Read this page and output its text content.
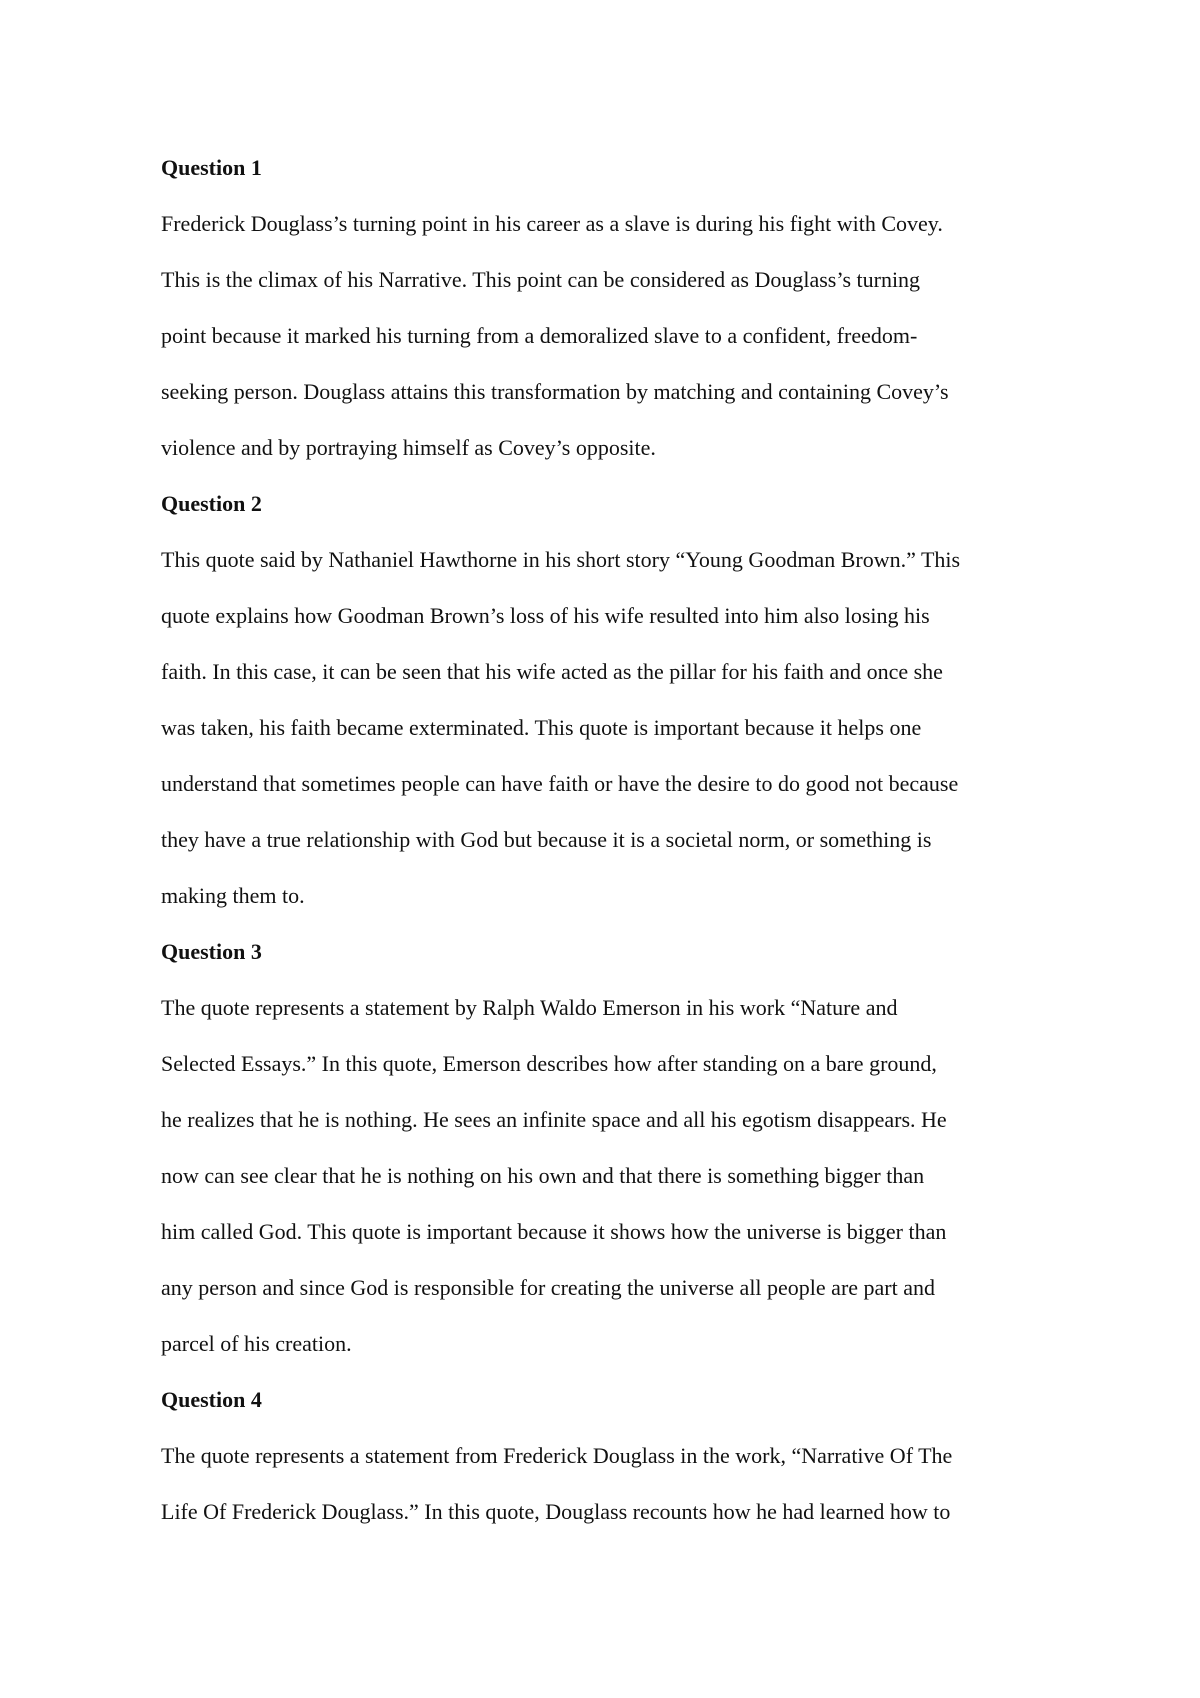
Question 1

Frederick Douglass’s turning point in his career as a slave is during his fight with Covey.

This is the climax of his Narrative. This point can be considered as Douglass’s turning

point because it marked his turning from a demoralized slave to a confident, freedom-

seeking person. Douglass attains this transformation by matching and containing Covey’s

violence and by portraying himself as Covey’s opposite.

Question 2

This quote said by Nathaniel Hawthorne in his short story “Young Goodman Brown.” This

quote explains how Goodman Brown’s loss of his wife resulted into him also losing his

faith. In this case, it can be seen that his wife acted as the pillar for his faith and once she

was taken, his faith became exterminated. This quote is important because it helps one

understand that sometimes people can have faith or have the desire to do good not because

they have a true relationship with God but because it is a societal norm, or something is

making them to.

Question 3

The quote represents a statement by Ralph Waldo Emerson in his work “Nature and

Selected Essays.” In this quote, Emerson describes how after standing on a bare ground,

he realizes that he is nothing. He sees an infinite space and all his egotism disappears. He

now can see clear that he is nothing on his own and that there is something bigger than

him called God. This quote is important because it shows how the universe is bigger than

any person and since God is responsible for creating the universe all people are part and

parcel of his creation.

Question 4

The quote represents a statement from Frederick Douglass in the work, “Narrative Of The

Life Of Frederick Douglass.” In this quote, Douglass recounts how he had learned how to
